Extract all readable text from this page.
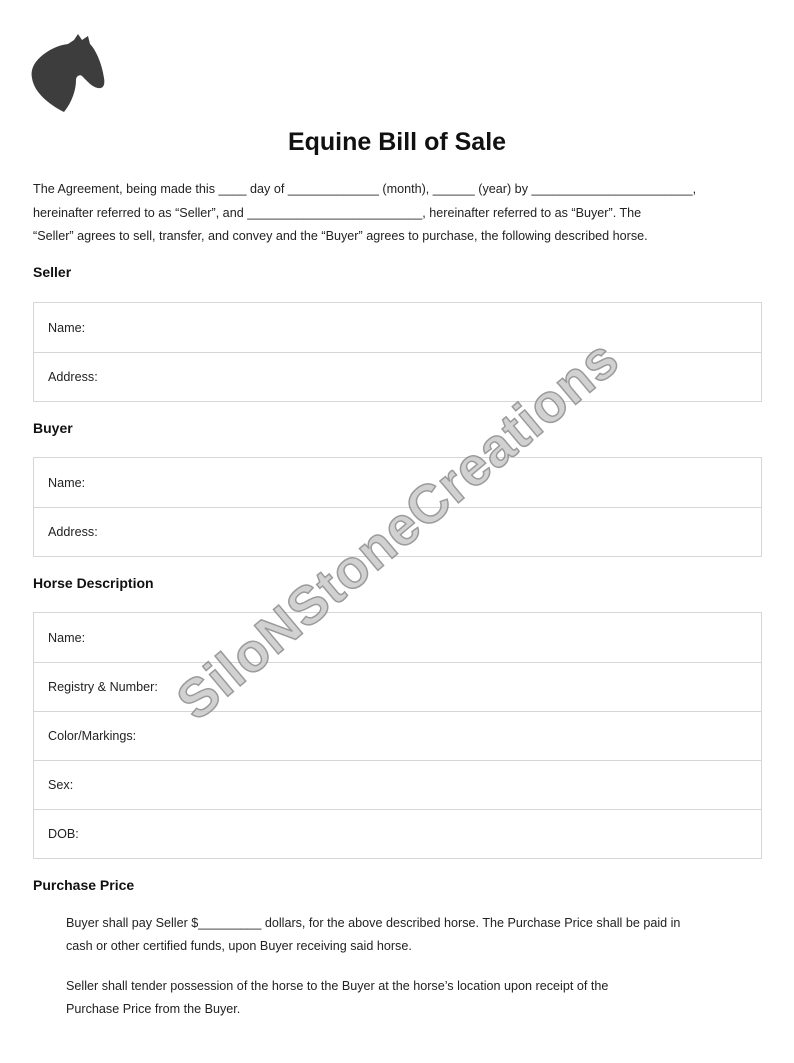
Equine Bill of Sale

The Agreement, being made this ____ day of _____________ (month), ______ (year) by _______________________,

hereinafter referred to as “Seller”, and _________________________, hereinafter referred to as “Buyer”. The

“Seller” agrees to sell, transfer, and convey and the “Buyer” agrees to purchase, the following described horse.

Seller
Name:
Address:
Buyer
Name:
Address:
Horse Description
Name:
Registry & Number:
Color/Markings:
Sex:
DOB:
Purchase Price

Buyer shall pay Seller $_________ dollars, for the above described horse. The Purchase Price shall be paid in

cash or other certified funds, upon Buyer receiving said horse.

Seller shall tender possession of the horse to the Buyer at the horse’s location upon receipt of the

Purchase Price from the Buyer.

SiloNStoneCreations
